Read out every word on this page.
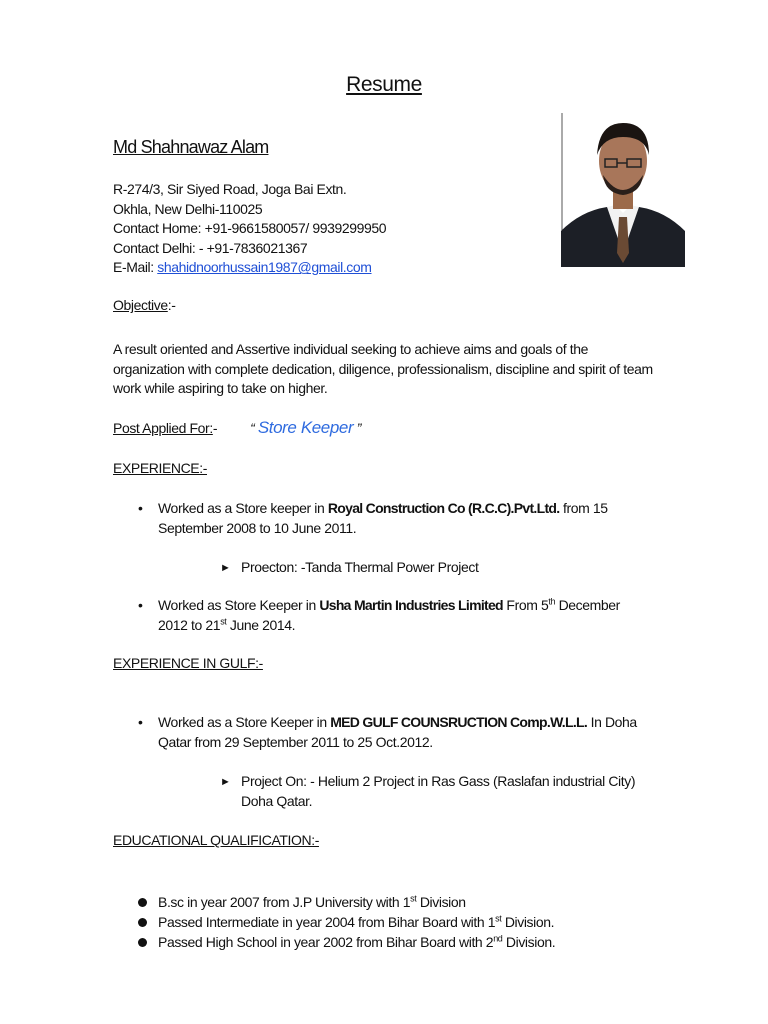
Resume
Md Shahnawaz Alam
R-274/3, Sir Siyed Road, Joga Bai Extn.
Okhla, New Delhi-110025
Contact Home: +91-9661580057/ 9939299950
Contact Delhi: - +91-7836021367
E-Mail: shahidnoorhussain1987@gmail.com
Objective:-
A result oriented and Assertive individual seeking to achieve aims and goals of the organization with complete dedication, diligence, professionalism, discipline and spirit of team work while aspiring to take on higher.
Post Applied For:- “ Store Keeper ”
EXPERIENCE:-
• Worked as a Store keeper in Royal Construction Co (R.C.C).Pvt.Ltd. from 15 September 2008 to 10 June 2011.
► Proecton: -Tanda Thermal Power Project
• Worked as Store Keeper in Usha Martin Industries Limited From 5th December 2012 to 21st June 2014.
EXPERIENCE IN GULF:-
• Worked as a Store Keeper in MED GULF COUNSRUCTION Comp.W.L.L. In Doha Qatar from 29 September 2011 to 25 Oct.2012.
► Project On: - Helium 2 Project in Ras Gass (Raslafan industrial City) Doha Qatar.
EDUCATIONAL QUALIFICATION:-
B.sc in year 2007 from J.P University with 1st Division
Passed Intermediate in year 2004 from Bihar Board with 1st Division.
Passed High School in year 2002 from Bihar Board with 2nd Division.
